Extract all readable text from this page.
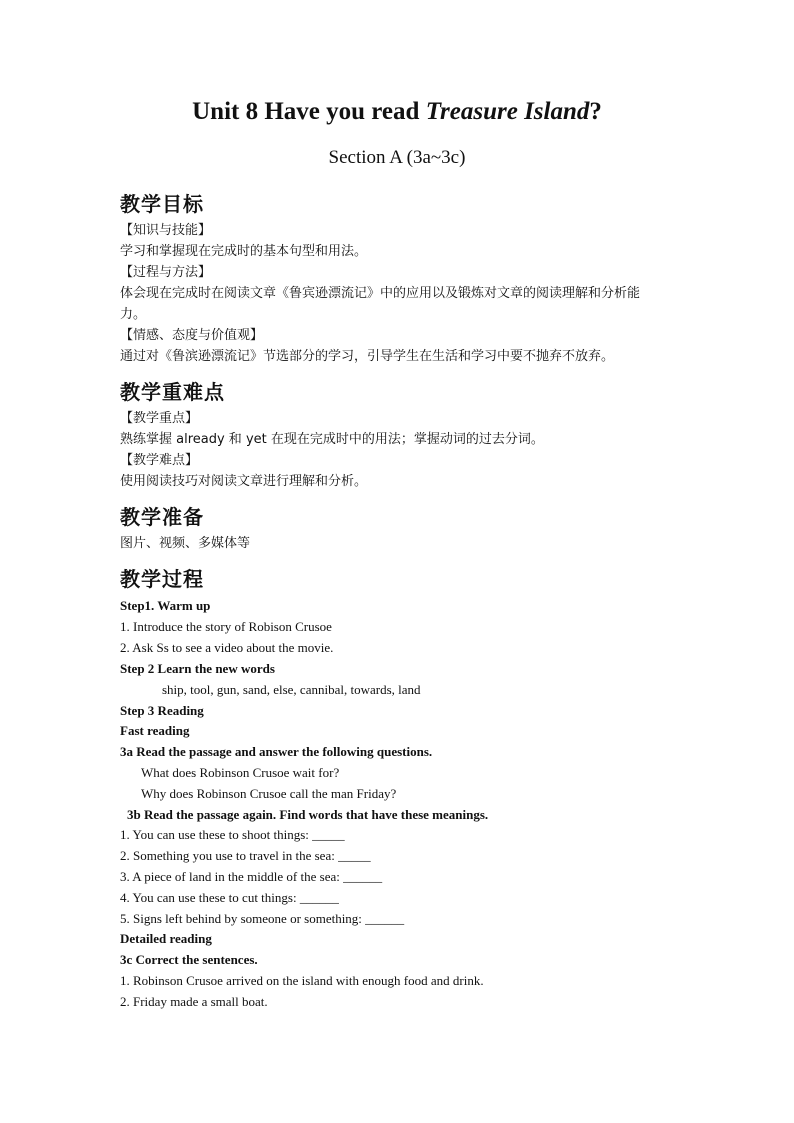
Unit 8 Have you read Treasure Island?
Section A (3a~3c)
教学目标
【知识与技能】
学习和掌握现在完成时的基本句型和用法。
【过程与方法】
体会现在完成时在阅读文章《鲁宾逊漂流记》中的应用以及锻炼对文章的阅读理解和分析能
力。
【情感、态度与价值观】
通过对《鲁滨逊漂流记》节选部分的学习，引导学生在生活和学习中要不抛弃不放弃。
教学重难点
【教学重点】
熟练掌握 already 和 yet 在现在完成时中的用法；掌握动词的过去分词。
【教学难点】
使用阅读技巧对阅读文章进行理解和分析。
教学准备
图片、视频、多媒体等
教学过程
Step1. Warm up
1. Introduce the story of Robison Crusoe
2. Ask Ss to see a video about the movie.
Step 2 Learn the new words
ship, tool, gun, sand, else, cannibal, towards, land
Step 3 Reading
Fast reading
3a Read the passage and answer the following questions.
What does Robinson Crusoe wait for?
Why does Robinson Crusoe call the man Friday?
3b Read the passage again. Find words that have these meanings.
1. You can use these to shoot things: _____
2. Something you use to travel in the sea: _____
3. A piece of land in the middle of the sea: ______
4. You can use these to cut things: ______
5. Signs left behind by someone or something: ______
Detailed reading
3c Correct the sentences.
1. Robinson Crusoe arrived on the island with enough food and drink.
2. Friday made a small boat.
